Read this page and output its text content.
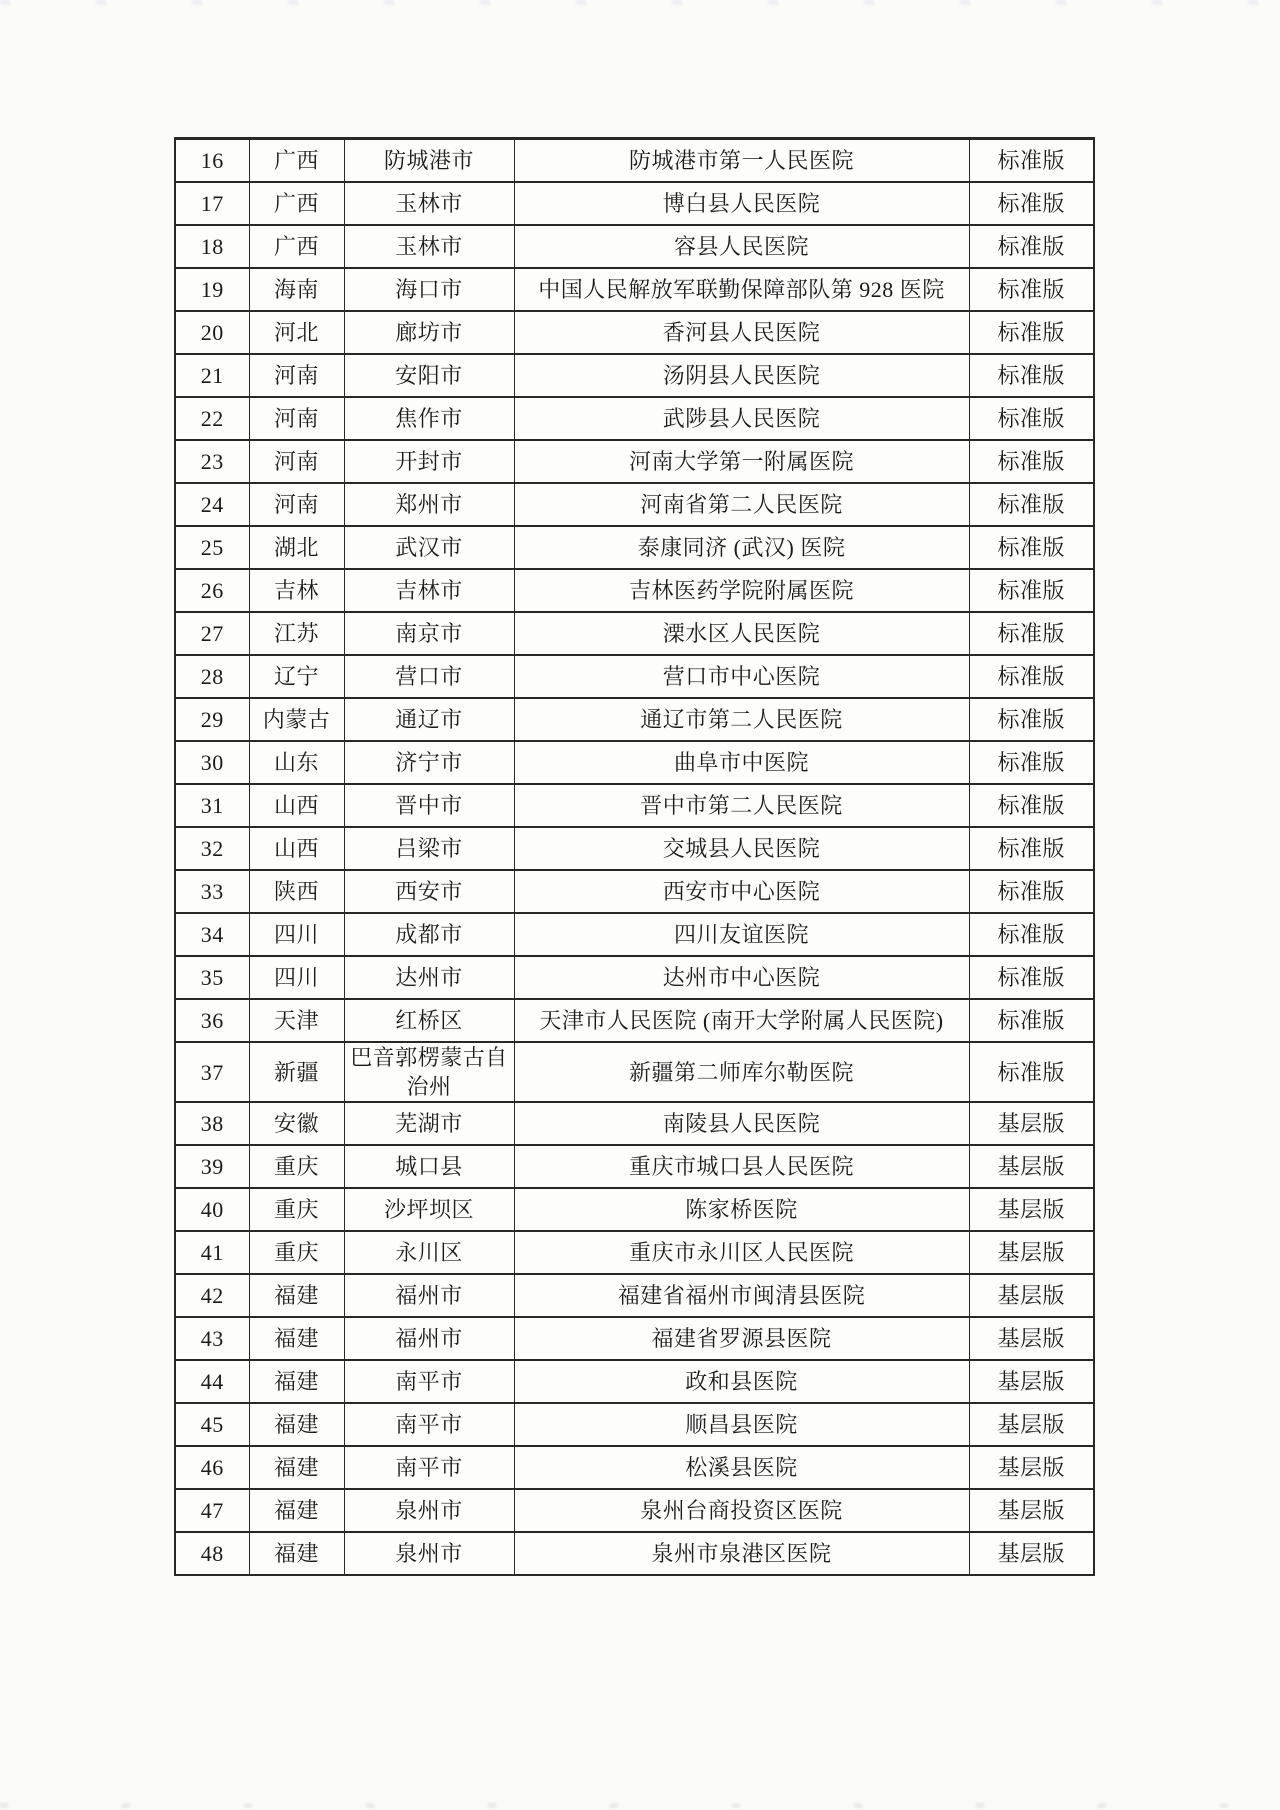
16	广西	防城港市	防城港市第一人民医院	标准版
17	广西	玉林市	博白县人民医院	标准版
18	广西	玉林市	容县人民医院	标准版
19	海南	海口市	中国人民解放军联勤保障部队第 928 医院	标准版
20	河北	廊坊市	香河县人民医院	标准版
21	河南	安阳市	汤阴县人民医院	标准版
22	河南	焦作市	武陟县人民医院	标准版
23	河南	开封市	河南大学第一附属医院	标准版
24	河南	郑州市	河南省第二人民医院	标准版
25	湖北	武汉市	泰康同济 (武汉) 医院	标准版
26	吉林	吉林市	吉林医药学院附属医院	标准版
27	江苏	南京市	溧水区人民医院	标准版
28	辽宁	营口市	营口市中心医院	标准版
29	内蒙古	通辽市	通辽市第二人民医院	标准版
30	山东	济宁市	曲阜市中医院	标准版
31	山西	晋中市	晋中市第二人民医院	标准版
32	山西	吕梁市	交城县人民医院	标准版
33	陕西	西安市	西安市中心医院	标准版
34	四川	成都市	四川友谊医院	标准版
35	四川	达州市	达州市中心医院	标准版
36	天津	红桥区	天津市人民医院 (南开大学附属人民医院)	标准版
37	新疆	巴音郭楞蒙古自治州	新疆第二师库尔勒医院	标准版
38	安徽	芜湖市	南陵县人民医院	基层版
39	重庆	城口县	重庆市城口县人民医院	基层版
40	重庆	沙坪坝区	陈家桥医院	基层版
41	重庆	永川区	重庆市永川区人民医院	基层版
42	福建	福州市	福建省福州市闽清县医院	基层版
43	福建	福州市	福建省罗源县医院	基层版
44	福建	南平市	政和县医院	基层版
45	福建	南平市	顺昌县医院	基层版
46	福建	南平市	松溪县医院	基层版
47	福建	泉州市	泉州台商投资区医院	基层版
48	福建	泉州市	泉州市泉港区医院	基层版
